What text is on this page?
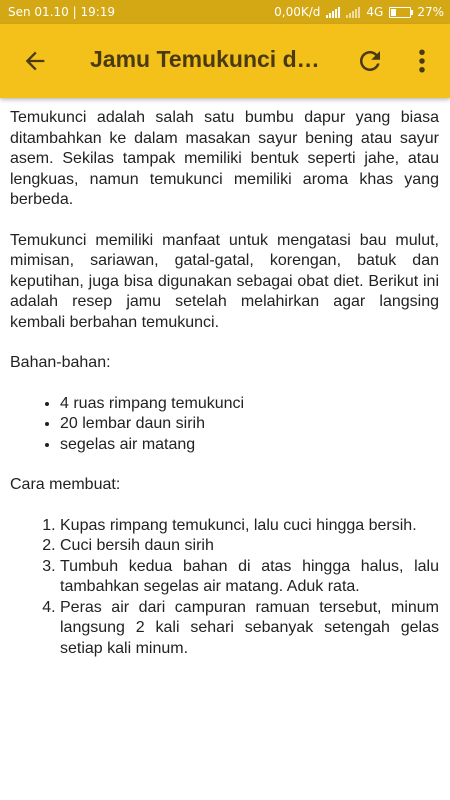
Sen 01.10 | 19:19	0,00K/d	4G	27%
Jamu Temukunci d…

Temukunci adalah salah satu bumbu dapur yang biasa ditambahkan ke dalam masakan sayur bening atau sayur asem. Sekilas tampak memiliki bentuk seperti jahe, atau lengkuas, namun temukunci memiliki aroma khas yang berbeda.

Temukunci memiliki manfaat untuk mengatasi bau mulut, mimisan, sariawan, gatal-gatal, korengan, batuk dan keputihan, juga bisa digunakan sebagai obat diet. Berikut ini adalah resep jamu setelah melahirkan agar langsing kembali berbahan temukunci.

Bahan-bahan:

• 4 ruas rimpang temukunci
• 20 lembar daun sirih
• segelas air matang

Cara membuat:

1. Kupas rimpang temukunci, lalu cuci hingga bersih.
2. Cuci bersih daun sirih
3. Tumbuh kedua bahan di atas hingga halus, lalu tambahkan segelas air matang. Aduk rata.
4. Peras air dari campuran ramuan tersebut, minum langsung 2 kali sehari sebanyak setengah gelas setiap kali minum.
